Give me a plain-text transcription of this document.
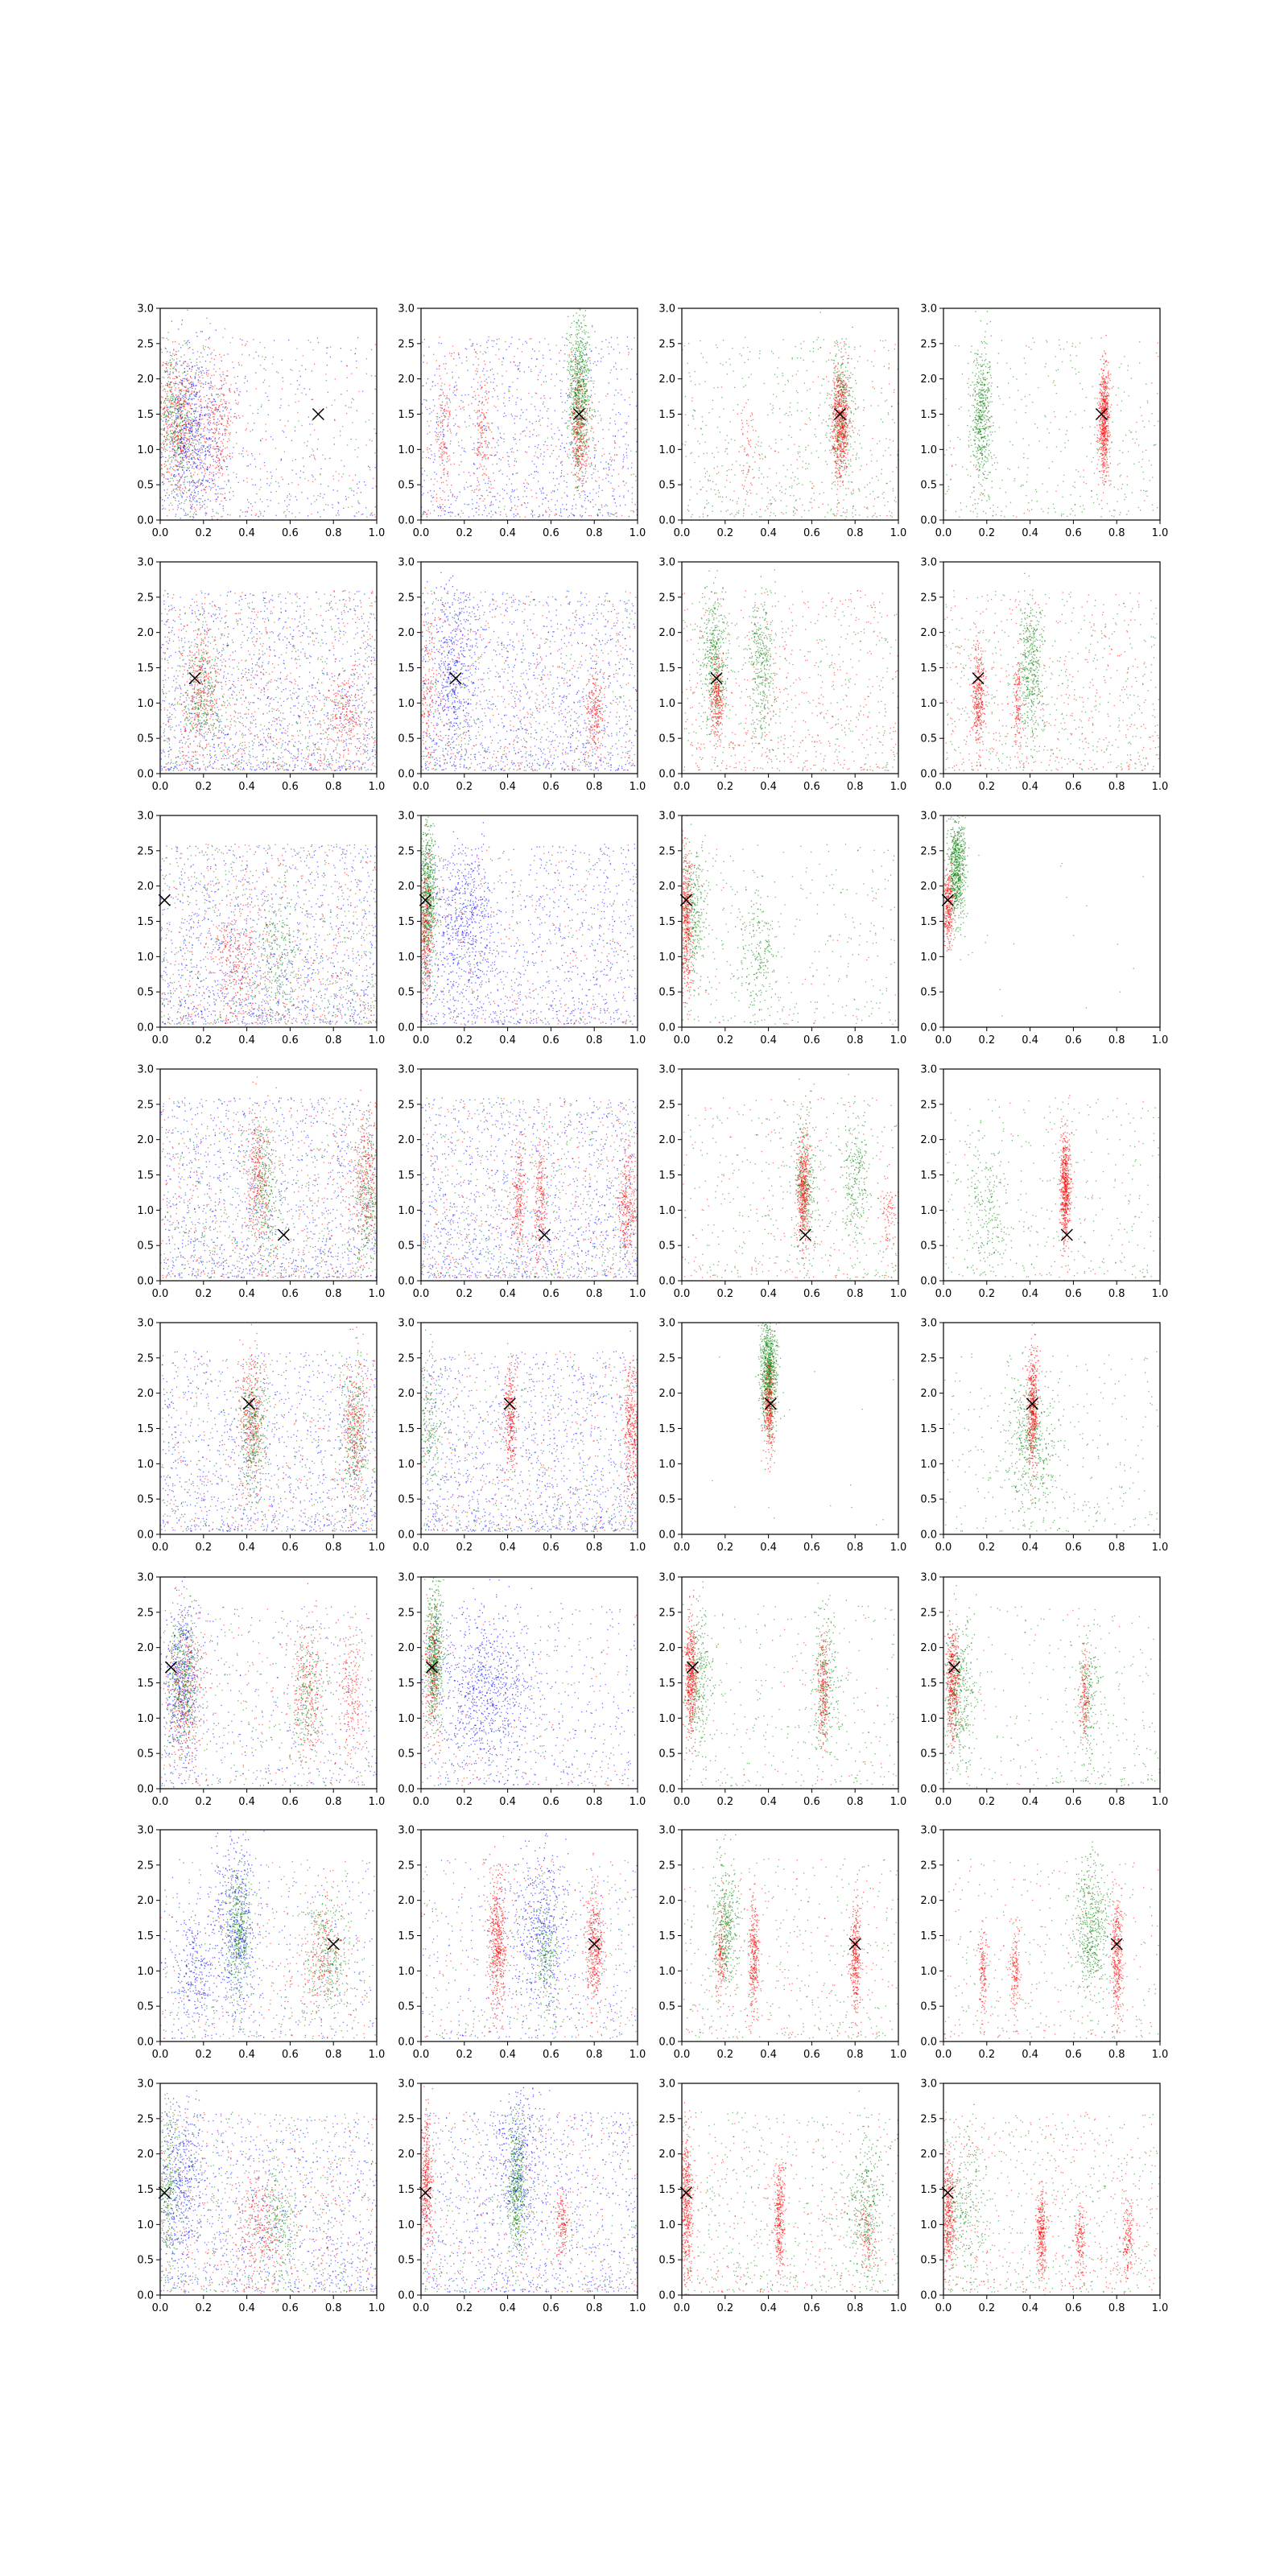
0.0	0.2	0.4	0.6	0.8	1.0
0.0
0.5
1.0
1.5
2.0
2.5
3.0
0.0	0.2	0.4	0.6	0.8	1.0
0.0
0.5
1.0
1.5
2.0
2.5
3.0
0.0	0.2	0.4	0.6	0.8	1.0
0.0
0.5
1.0
1.5
2.0
2.5
3.0
0.0	0.2	0.4	0.6	0.8	1.0
0.0
0.5
1.0
1.5
2.0
2.5
3.0
0.0	0.2	0.4	0.6	0.8	1.0
0.0
0.5
1.0
1.5
2.0
2.5
3.0
0.0	0.2	0.4	0.6	0.8	1.0
0.0
0.5
1.0
1.5
2.0
2.5
3.0
0.0	0.2	0.4	0.6	0.8	1.0
0.0
0.5
1.0
1.5
2.0
2.5
3.0
0.0	0.2	0.4	0.6	0.8	1.0
0.0
0.5
1.0
1.5
2.0
2.5
3.0
0.0	0.2	0.4	0.6	0.8	1.0
0.0
0.5
1.0
1.5
2.0
2.5
3.0
0.0	0.2	0.4	0.6	0.8	1.0
0.0
0.5
1.0
1.5
2.0
2.5
3.0
0.0	0.2	0.4	0.6	0.8	1.0
0.0
0.5
1.0
1.5
2.0
2.5
3.0
0.0	0.2	0.4	0.6	0.8	1.0
0.0
0.5
1.0
1.5
2.0
2.5
3.0
0.0	0.2	0.4	0.6	0.8	1.0
0.0
0.5
1.0
1.5
2.0
2.5
3.0
0.0	0.2	0.4	0.6	0.8	1.0
0.0
0.5
1.0
1.5
2.0
2.5
3.0
0.0	0.2	0.4	0.6	0.8	1.0
0.0
0.5
1.0
1.5
2.0
2.5
3.0
0.0	0.2	0.4	0.6	0.8	1.0
0.0
0.5
1.0
1.5
2.0
2.5
3.0
0.0	0.2	0.4	0.6	0.8	1.0
0.0
0.5
1.0
1.5
2.0
2.5
3.0
0.0	0.2	0.4	0.6	0.8	1.0
0.0
0.5
1.0
1.5
2.0
2.5
3.0
0.0	0.2	0.4	0.6	0.8	1.0
0.0
0.5
1.0
1.5
2.0
2.5
3.0
0.0	0.2	0.4	0.6	0.8	1.0
0.0
0.5
1.0
1.5
2.0
2.5
3.0
0.0	0.2	0.4	0.6	0.8	1.0
0.0
0.5
1.0
1.5
2.0
2.5
3.0
0.0	0.2	0.4	0.6	0.8	1.0
0.0
0.5
1.0
1.5
2.0
2.5
3.0
0.0	0.2	0.4	0.6	0.8	1.0
0.0
0.5
1.0
1.5
2.0
2.5
3.0
0.0	0.2	0.4	0.6	0.8	1.0
0.0
0.5
1.0
1.5
2.0
2.5
3.0
0.0	0.2	0.4	0.6	0.8	1.0
0.0
0.5
1.0
1.5
2.0
2.5
3.0
0.0	0.2	0.4	0.6	0.8	1.0
0.0
0.5
1.0
1.5
2.0
2.5
3.0
0.0	0.2	0.4	0.6	0.8	1.0
0.0
0.5
1.0
1.5
2.0
2.5
3.0
0.0	0.2	0.4	0.6	0.8	1.0
0.0
0.5
1.0
1.5
2.0
2.5
3.0
0.0	0.2	0.4	0.6	0.8	1.0
0.0
0.5
1.0
1.5
2.0
2.5
3.0
0.0	0.2	0.4	0.6	0.8	1.0
0.0
0.5
1.0
1.5
2.0
2.5
3.0
0.0	0.2	0.4	0.6	0.8	1.0
0.0
0.5
1.0
1.5
2.0
2.5
3.0
0.0	0.2	0.4	0.6	0.8	1.0
0.0
0.5
1.0
1.5
2.0
2.5
3.0
